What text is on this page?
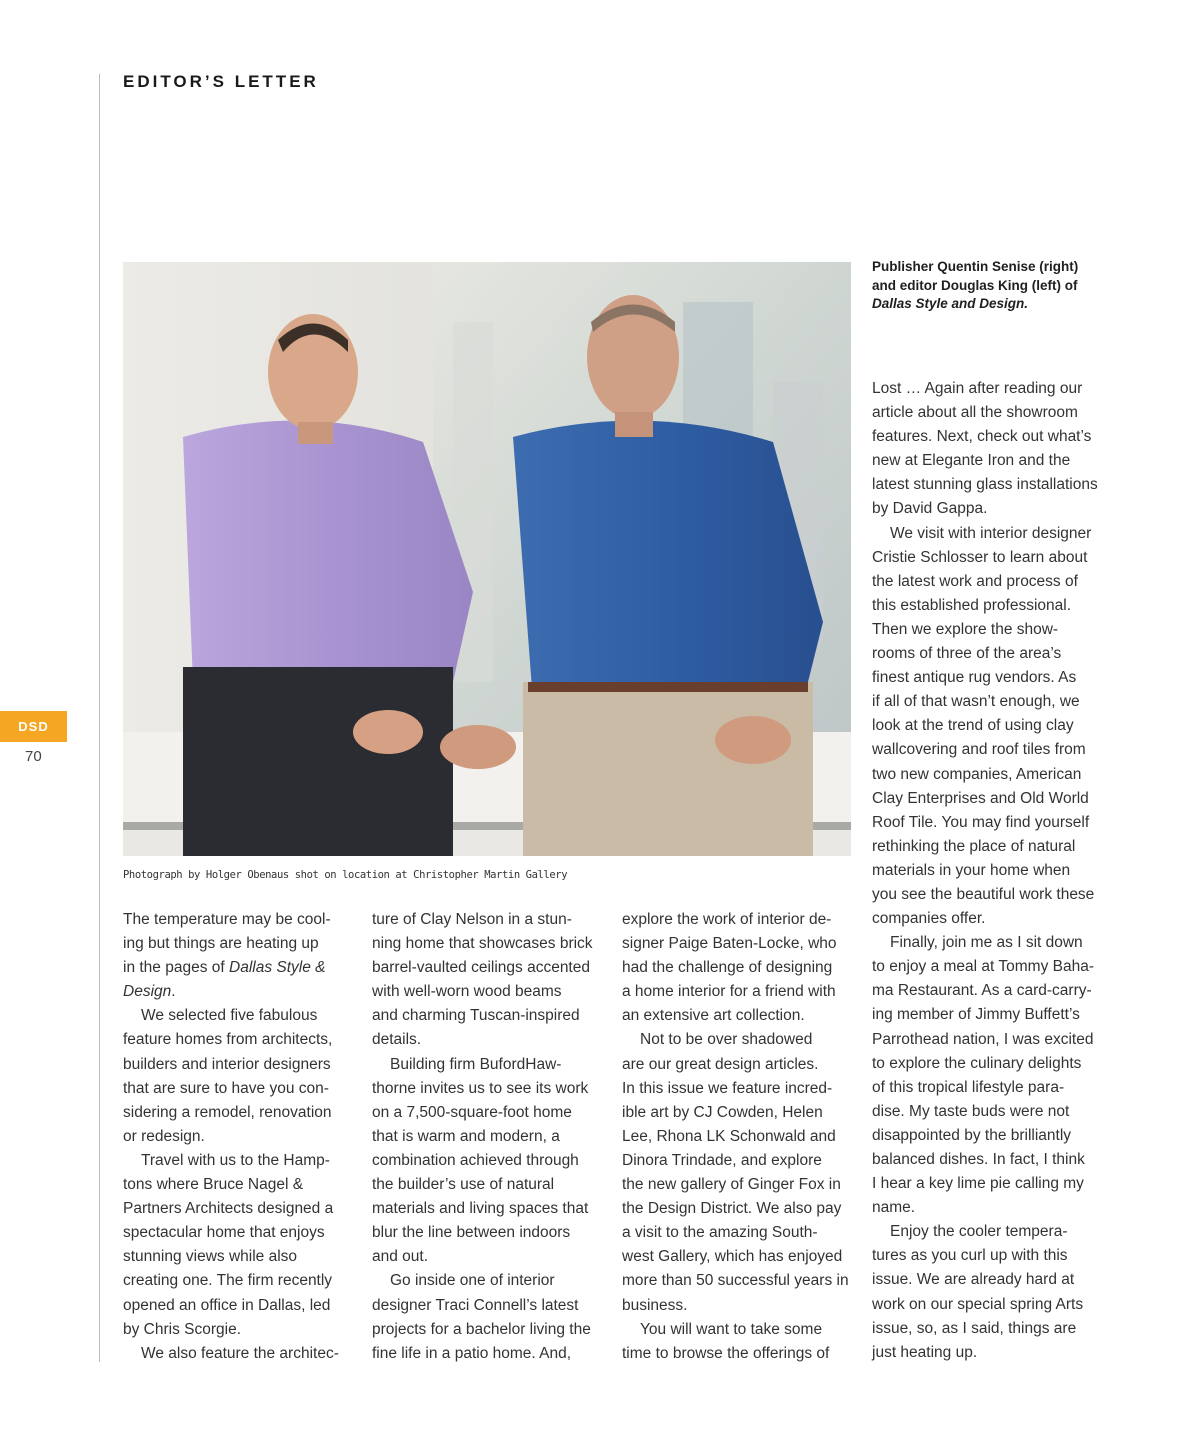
EDITOR’S LETTER
DSD
70
Publisher Quentin Senise (right)
and editor Douglas King (left) of
Dallas Style and Design.
Photograph by Holger Obenaus shot on location at Christopher Martin Gallery

The temperature may be cool-
ing but things are heating up
in the pages of Dallas Style &
Design.

We selected five fabulous
feature homes from architects,
builders and interior designers
that are sure to have you con-
sidering a remodel, renovation
or redesign.

Travel with us to the Hamp-
tons where Bruce Nagel &
Partners Architects designed a
spectacular home that enjoys
stunning views while also
creating one. The firm recently
opened an office in Dallas, led
by Chris Scorgie.

We also feature the architec-

ture of Clay Nelson in a stun-
ning home that showcases brick
barrel-vaulted ceilings accented
with well-worn wood beams
and charming Tuscan-inspired
details.

Building firm BufordHaw-
thorne invites us to see its work
on a 7,500-square-foot home
that is warm and modern, a
combination achieved through
the builder’s use of natural
materials and living spaces that
blur the line between indoors
and out.

Go inside one of interior
designer Traci Connell’s latest
projects for a bachelor living the
fine life in a patio home. And,

explore the work of interior de-
signer Paige Baten-Locke, who
had the challenge of designing
a home interior for a friend with
an extensive art collection.

Not to be over shadowed
are our great design articles.
In this issue we feature incred-
ible art by CJ Cowden, Helen
Lee, Rhona LK Schonwald and
Dinora Trindade, and explore
the new gallery of Ginger Fox in
the Design District. We also pay
a visit to the amazing South-
west Gallery, which has enjoyed
more than 50 successful years in
business.

You will want to take some
time to browse the offerings of

Lost … Again after reading our
article about all the showroom
features. Next, check out what’s
new at Elegante Iron and the
latest stunning glass installations
by David Gappa.

We visit with interior designer
Cristie Schlosser to learn about
the latest work and process of
this established professional.
Then we explore the show-
rooms of three of the area’s
finest antique rug vendors. As
if all of that wasn’t enough, we
look at the trend of using clay
wallcovering and roof tiles from
two new companies, American
Clay Enterprises and Old World
Roof Tile. You may find yourself
rethinking the place of natural
materials in your home when
you see the beautiful work these
companies offer.

Finally, join me as I sit down
to enjoy a meal at Tommy Baha-
ma Restaurant. As a card-carry-
ing member of Jimmy Buffett’s
Parrothead nation, I was excited
to explore the culinary delights
of this tropical lifestyle para-
dise. My taste buds were not
disappointed by the brilliantly
balanced dishes. In fact, I think
I hear a key lime pie calling my
name.

Enjoy the cooler tempera-
tures as you curl up with this
issue. We are already hard at
work on our special spring Arts
issue, so, as I said, things are
just heating up.
